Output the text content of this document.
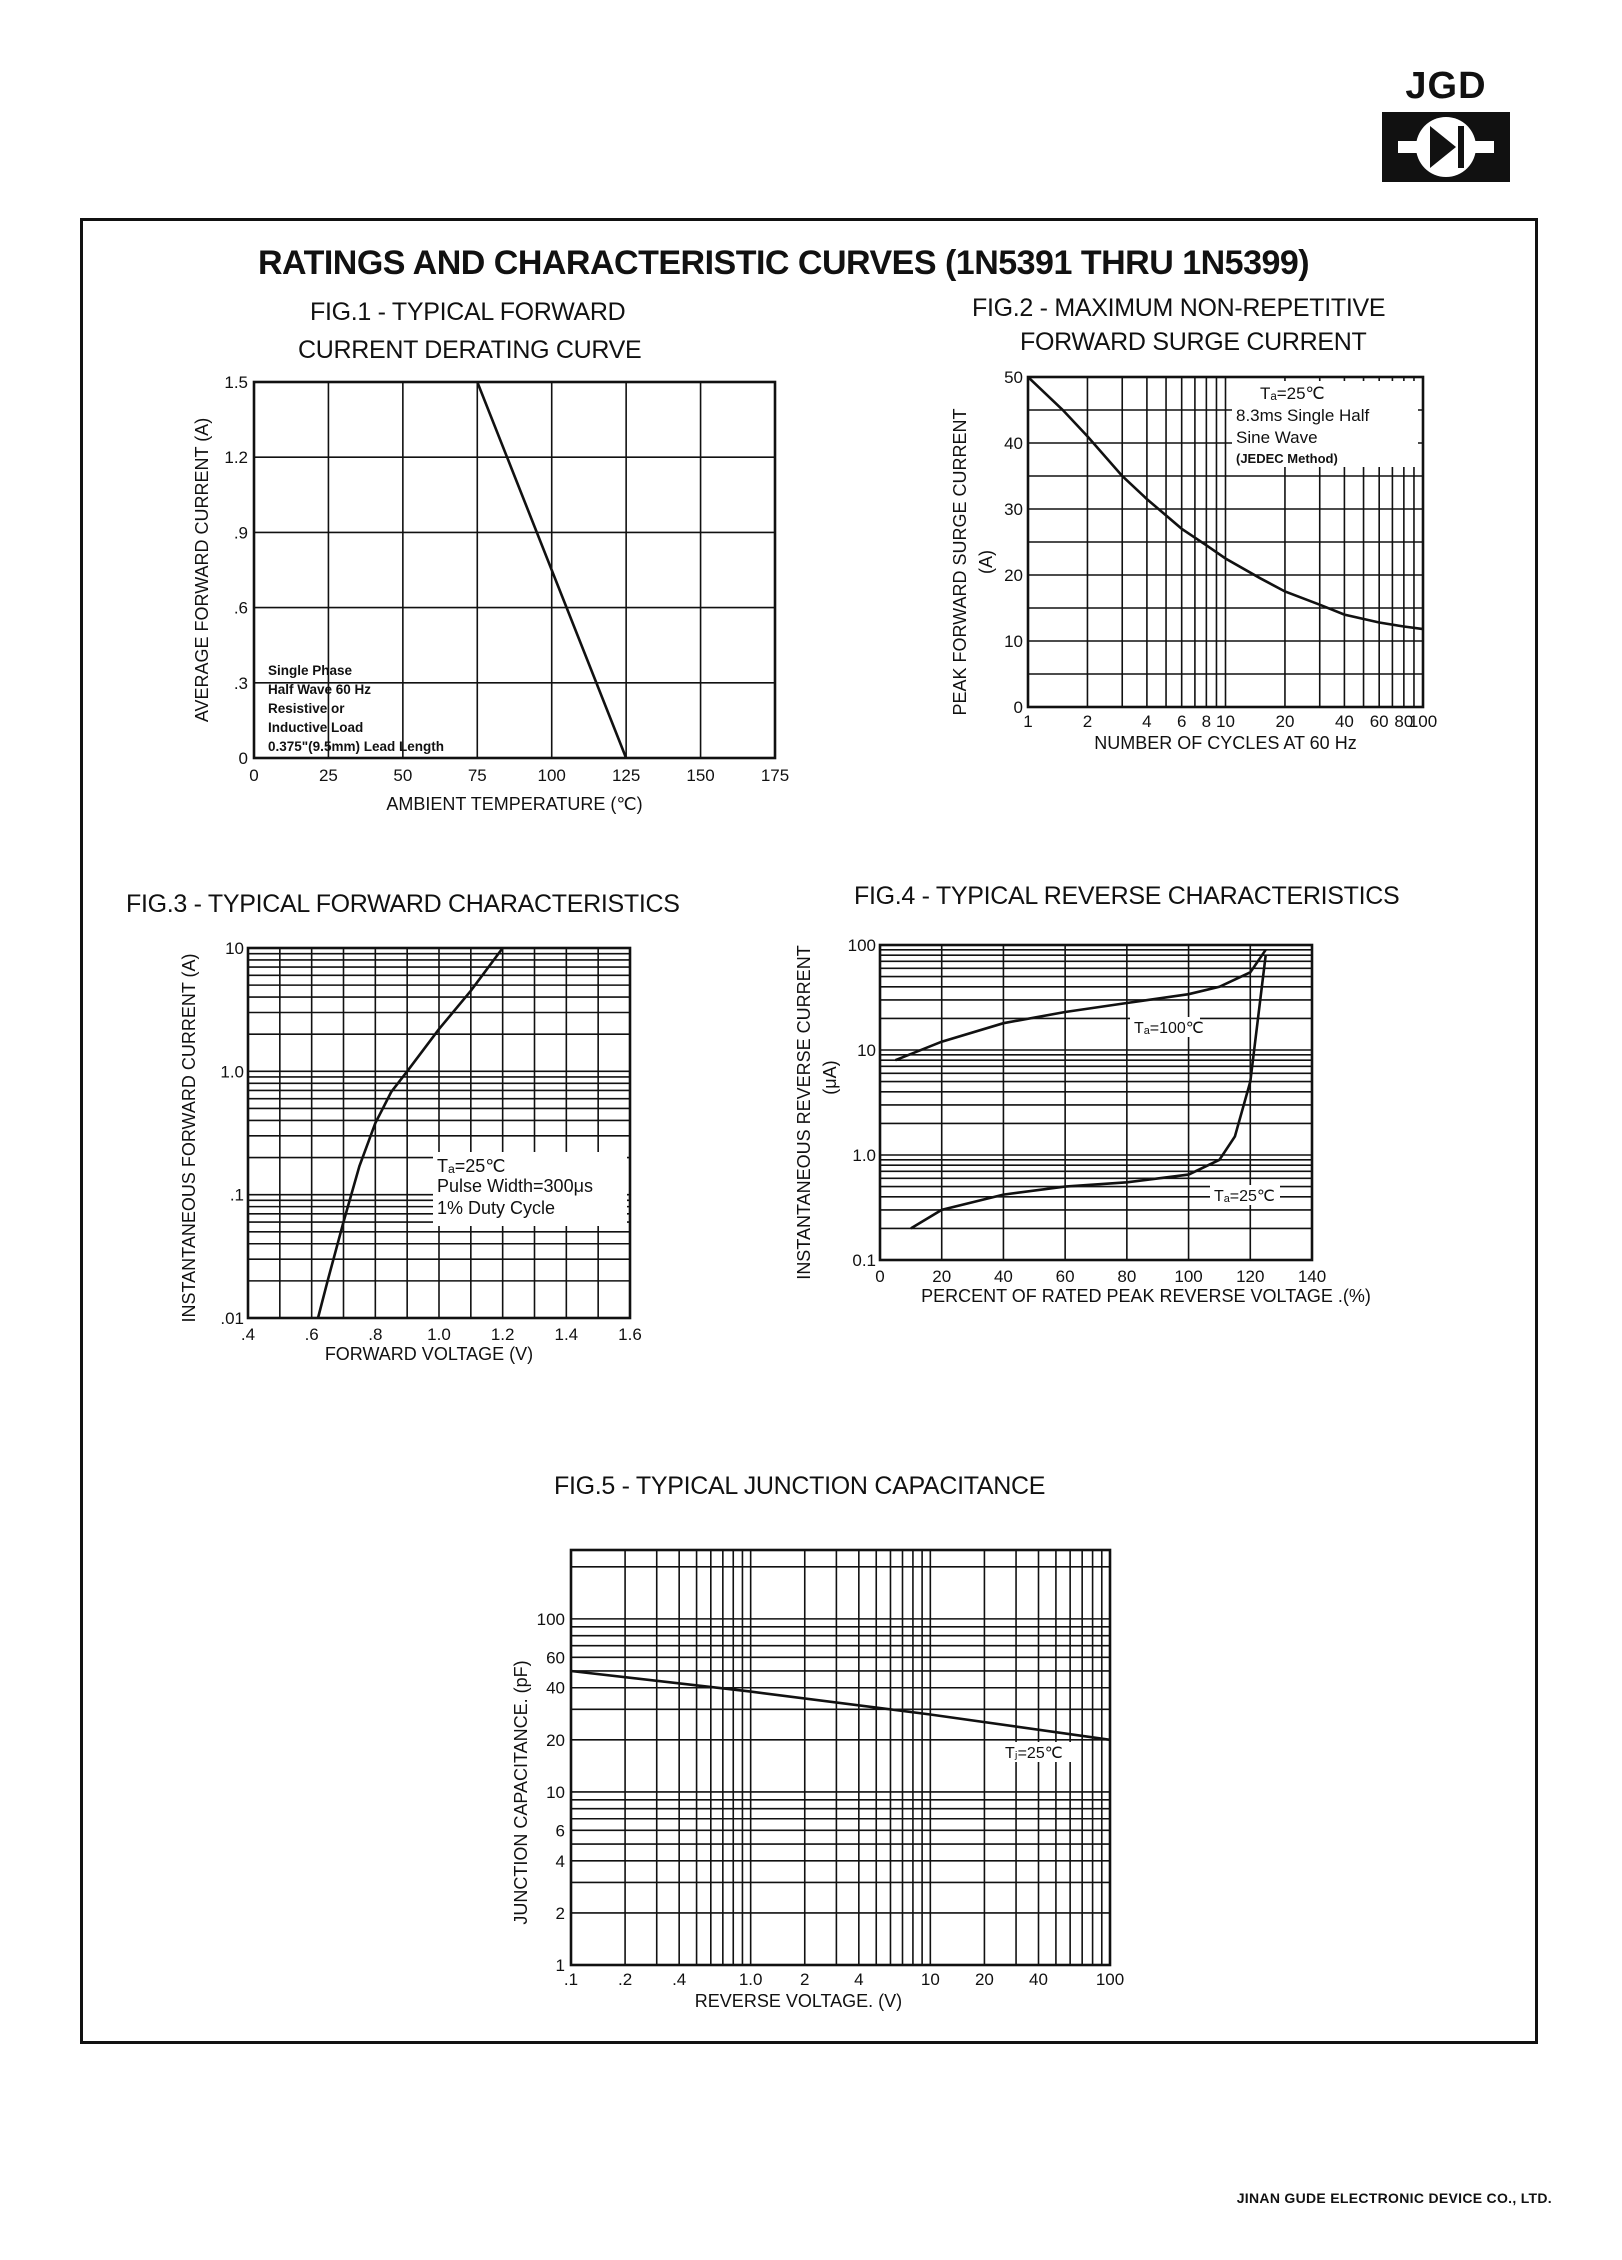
JGD
RATINGS AND CHARACTERISTIC CURVES (1N5391 THRU 1N5399)
FIG.1 - TYPICAL FORWARD
CURRENT DERATING CURVE
FIG.2 - MAXIMUM NON-REPETITIVE
FORWARD SURGE CURRENT
FIG.3 - TYPICAL FORWARD CHARACTERISTICS	FIG.4 - TYPICAL REVERSE CHARACTERISTICS
FIG.5 - TYPICAL JUNCTION CAPACITANCE
0	25	50	75	100	125	150	175
0
.3
.6
.9
1.2
1.5
AMBIENT TEMPERATURE (℃)
AVERAGE FORWARD CURRENT (A)	Single Phase
Half Wave 60 Hz
Resistive or
Inductive Load
0.375"(9.5mm) Lead Length
1	2	4 6 8 10 20 40 60 80
100
0
10
20
30
40
50
NUMBER OF CYCLES AT 60 Hz
PEAK FORWARD SURGE CURRENT (A)
Tₐ=25℃
8.3ms Single Half
Sine Wave
(JEDEC Method)
.4	.6	.8	1.0 1.2 1.4 1.6
.01
.1
1.0
10
FORWARD VOLTAGE (V)
INSTANTANEOUS FORWARD CURRENT (A)	Tₐ=25℃
Pulse Width=300μs
1% Duty Cycle
0	20	40	60	80 100 120 140
0.1
1.0
10
100
PERCENT OF RATED PEAK REVERSE VOLTAGE .(%)
INSTANTANEOUS REVERSE CURRENT (μA)
Tₐ=100℃
Tₐ=25℃
.1 .2 .4	1.0 2	4	10 20 40	100
1
2
4
6
10
20
40
60
100
REVERSE VOLTAGE. (V)
JUNCTION CAPACITANCE. (pF)	Tⱼ=25℃
JINAN GUDE ELECTRONIC DEVICE CO., LTD.
